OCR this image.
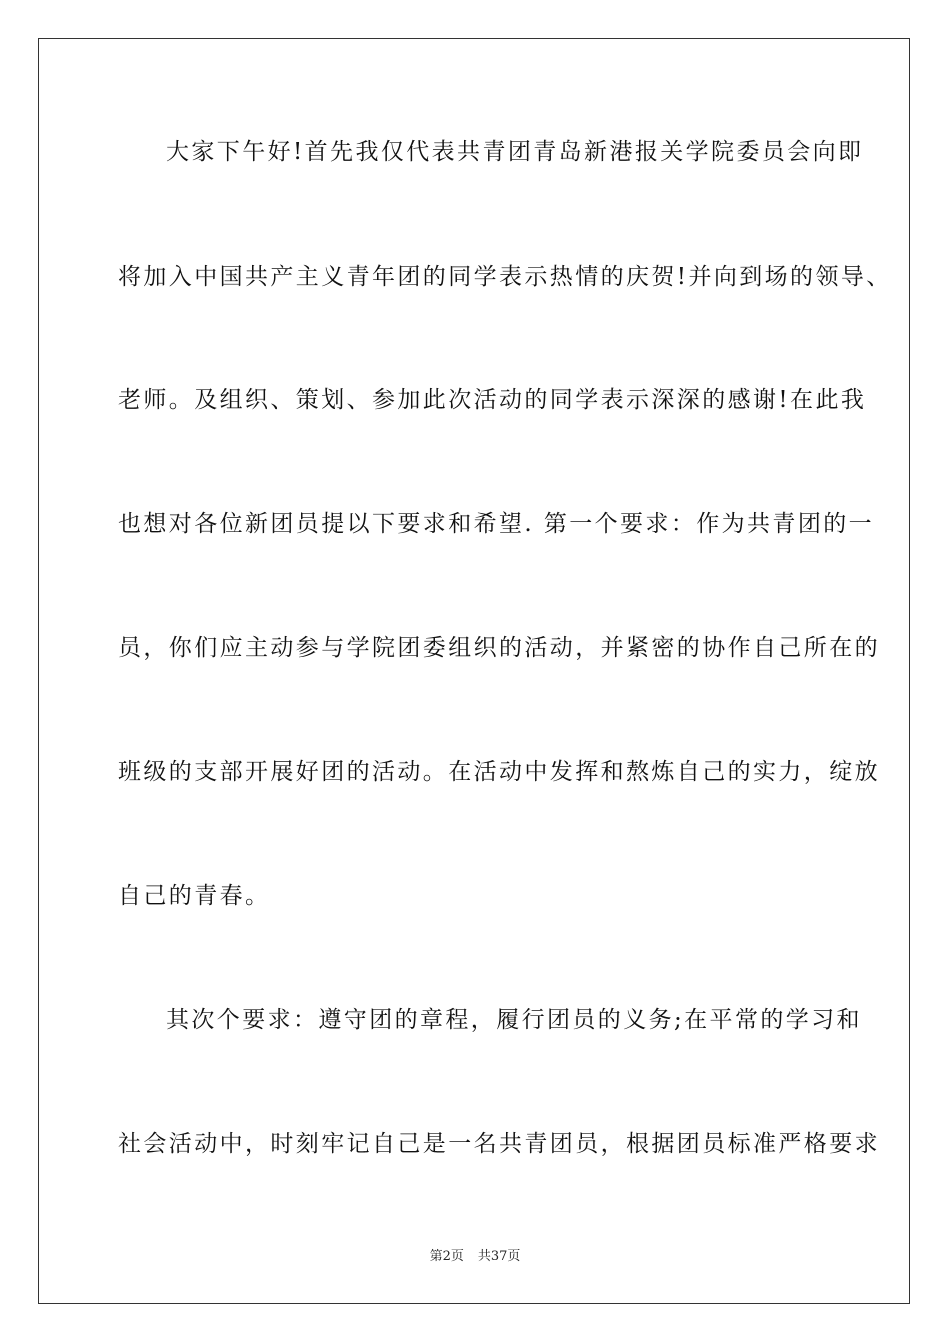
大家下午好!首先我仅代表共青团青岛新港报关学院委员会向即

将加入中国共产主义青年团的同学表示热情的庆贺!并向到场的领导、

老师。及组织、策划、参加此次活动的同学表示深深的感谢!在此我

也想对各位新团员提以下要求和希望. 第一个要求：作为共青团的一

员，你们应主动参与学院团委组织的活动，并紧密的协作自己所在的

班级的支部开展好团的活动。在活动中发挥和熬炼自己的实力，绽放

自己的青春。

其次个要求：遵守团的章程，履行团员的义务;在平常的学习和

社会活动中，时刻牢记自己是一名共青团员，根据团员标准严格要求

第2页 共37页
